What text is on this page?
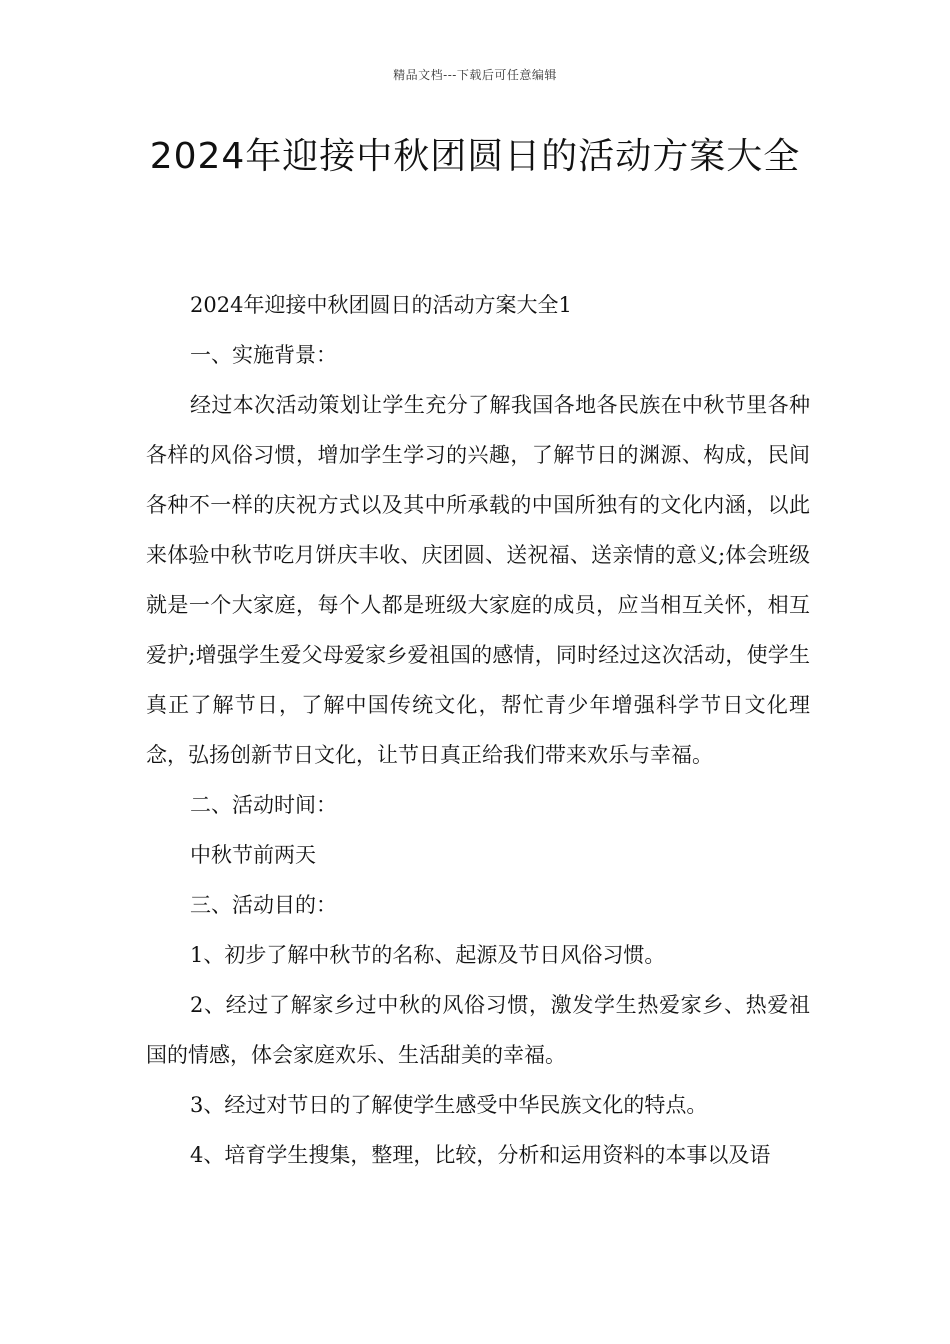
精品文档---下载后可任意编辑
2024年迎接中秋团圆日的活动方案大全

2024年迎接中秋团圆日的活动方案大全1

一、实施背景：

经过本次活动策划让学生充分了解我国各地各民族在中秋节里各种各样的风俗习惯，增加学生学习的兴趣，了解节日的渊源、构成，民间各种不一样的庆祝方式以及其中所承载的中国所独有的文化内涵，以此来体验中秋节吃月饼庆丰收、庆团圆、送祝福、送亲情的意义;体会班级就是一个大家庭，每个人都是班级大家庭的成员，应当相互关怀，相互爱护;增强学生爱父母爱家乡爱祖国的感情，同时经过这次活动，使学生真正了解节日，了解中国传统文化，帮忙青少年增强科学节日文化理念，弘扬创新节日文化，让节日真正给我们带来欢乐与幸福。

二、活动时间：

中秋节前两天

三、活动目的：

1、初步了解中秋节的名称、起源及节日风俗习惯。

2、经过了解家乡过中秋的风俗习惯，激发学生热爱家乡、热爱祖国的情感，体会家庭欢乐、生活甜美的幸福。

3、经过对节日的了解使学生感受中华民族文化的特点。

4、培育学生搜集，整理，比较，分析和运用资料的本事以及语
